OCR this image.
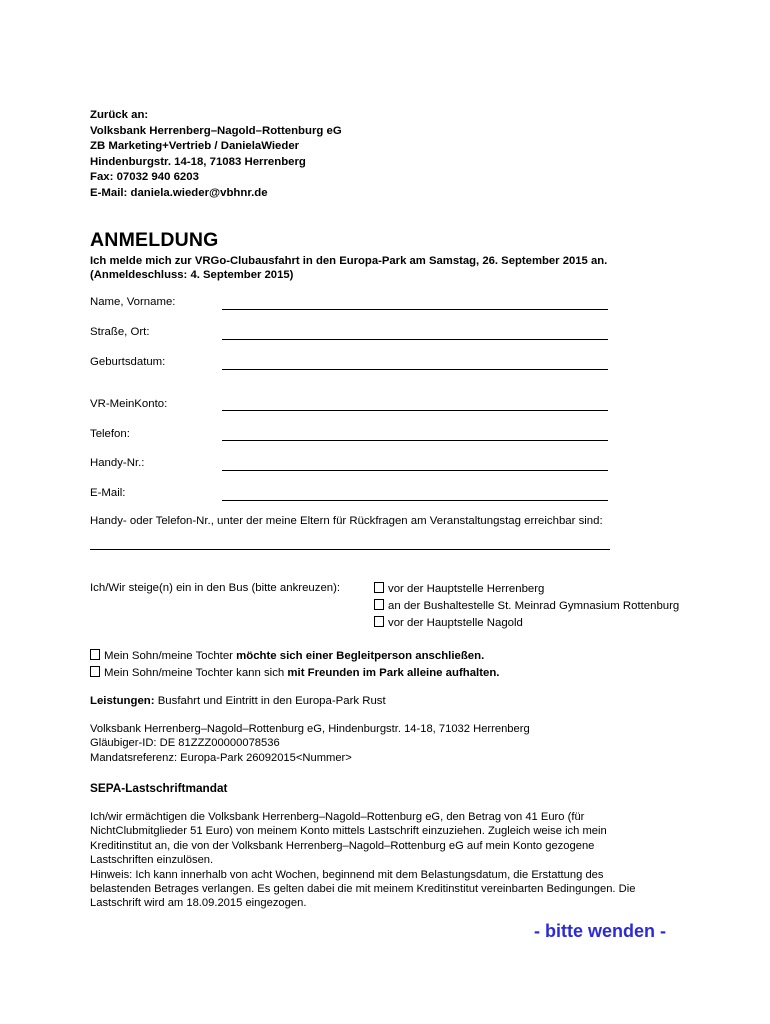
Zurück an:
Volksbank Herrenberg–Nagold–Rottenburg eG
ZB Marketing+Vertrieb / DanielaWieder
Hindenburgstr. 14-18, 71083 Herrenberg
Fax: 07032 940 6203
E-Mail: daniela.wieder@vbhnr.de
ANMELDUNG
Ich melde mich zur VRGo-Clubausfahrt in den Europa-Park am Samstag, 26. September 2015 an.
(Anmeldeschluss: 4. September 2015)
Name, Vorname:
Straße, Ort:
Geburtsdatum:
VR-MeinKonto:
Telefon:
Handy-Nr.:
E-Mail:
Handy- oder Telefon-Nr., unter der meine Eltern für Rückfragen am Veranstaltungstag erreichbar sind:
Ich/Wir steige(n) ein in den Bus (bitte ankreuzen):	vor der Hauptstelle Herrenberg
an der Bushaltestelle St. Meinrad Gymnasium Rottenburg
vor der Hauptstelle Nagold
Mein Sohn/meine Tochter möchte sich einer Begleitperson anschließen.
Mein Sohn/meine Tochter kann sich mit Freunden im Park alleine aufhalten.
Leistungen: Busfahrt und Eintritt in den Europa-Park Rust
Volksbank Herrenberg–Nagold–Rottenburg eG, Hindenburgstr. 14-18, 71032 Herrenberg
Gläubiger-ID: DE 81ZZZ00000078536
Mandatsreferenz: Europa-Park 26092015<Nummer>
SEPA-Lastschriftmandat
Ich/wir ermächtigen die Volksbank Herrenberg–Nagold–Rottenburg eG, den Betrag von 41 Euro (für
NichtClubmitglieder 51 Euro) von meinem Konto mittels Lastschrift einzuziehen. Zugleich weise ich mein
Kreditinstitut an, die von der Volksbank Herrenberg–Nagold–Rottenburg eG auf mein Konto gezogene
Lastschriften einzulösen.
Hinweis: Ich kann innerhalb von acht Wochen, beginnend mit dem Belastungsdatum, die Erstattung des
belastenden Betrages verlangen. Es gelten dabei die mit meinem Kreditinstitut vereinbarten Bedingungen. Die
Lastschrift wird am 18.09.2015 eingezogen.
- bitte wenden -
